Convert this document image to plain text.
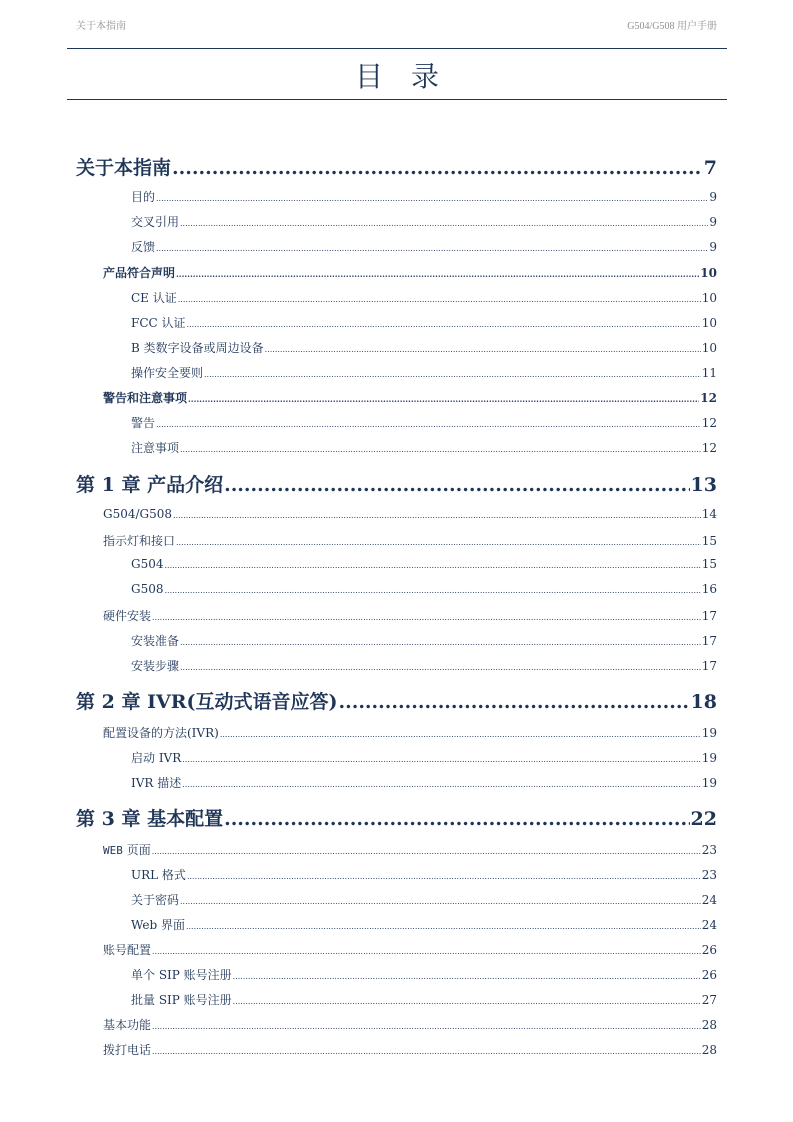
关于本指南	G504/G508 用户手册
目录
关于本指南 .....	7
目的 .....	9
交叉引用 .....	9
反馈 .....	9
产品符合声明 .....	10
CE 认证 .....	10
FCC 认证 .....	10
B 类数字设备或周边设备 .....	10
操作安全要则 .....	11
警告和注意事项 .....	12
警告 .....	12
注意事项 .....	12
第 1 章 产品介绍 .....	13
G504/G508 .....	14
指示灯和接口 .....	15
G504 .....	15
G508 .....	16
硬件安装 .....	17
安装准备 .....	17
安装步骤 .....	17
第 2 章 IVR(互动式语音应答) .....	18
配置设备的方法(IVR) .....	19
启动 IVR .....	19
IVR 描述 .....	19
第 3 章 基本配置 .....	22
WEB 页面 .....	23
URL 格式 .....	23
关于密码 .....	24
Web 界面 .....	24
账号配置 .....	26
单个 SIP 账号注册 .....	26
批量 SIP 账号注册 .....	27
基本功能 .....	28
拨打电话 .....	28
